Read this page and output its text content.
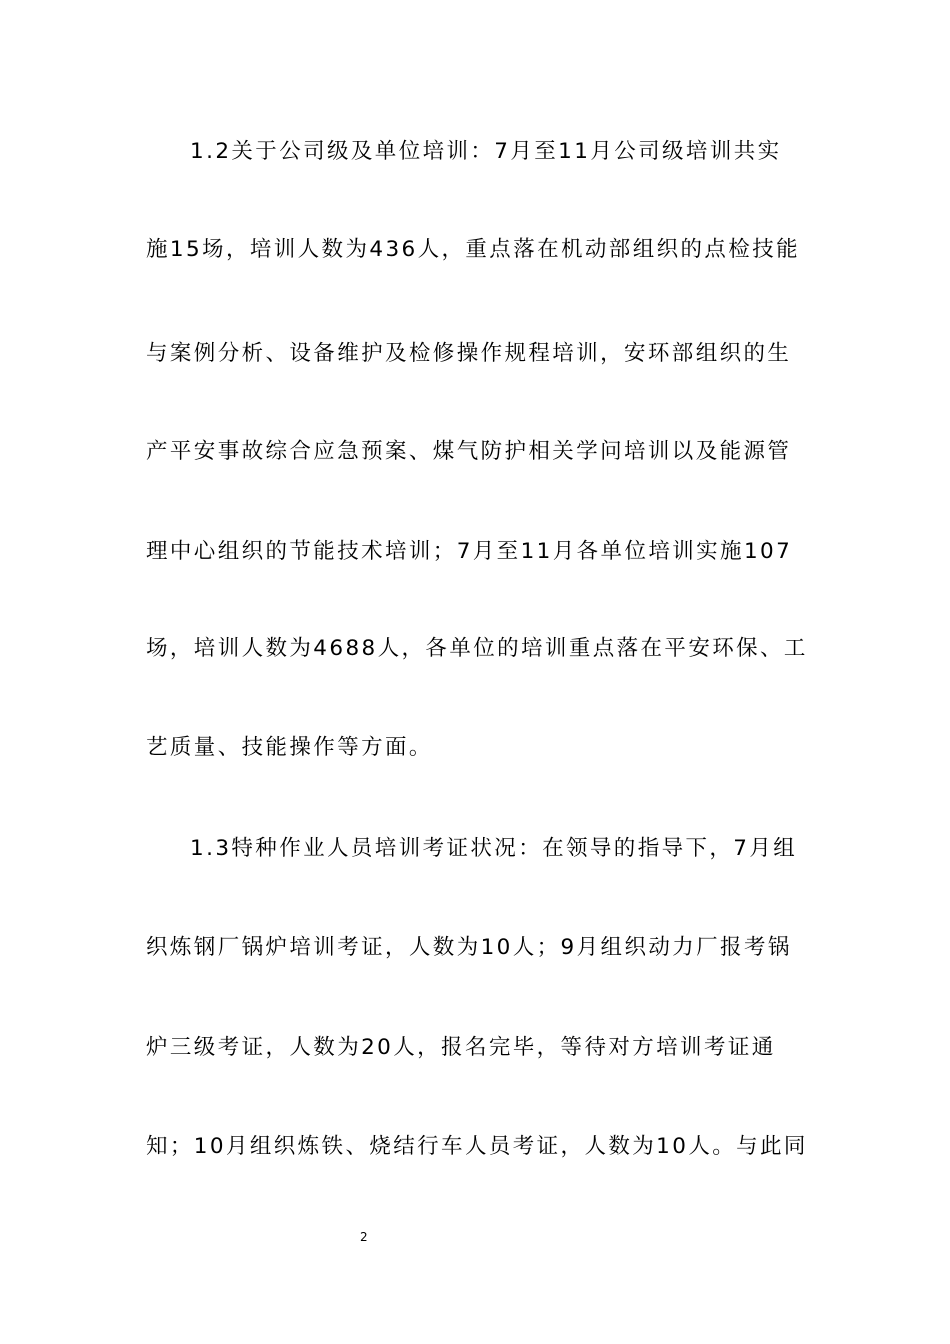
1.2关于公司级及单位培训：7月至11月公司级培训共实
施15场，培训人数为436人，重点落在机动部组织的点检技能
与案例分析、设备维护及检修操作规程培训，安环部组织的生
产平安事故综合应急预案、煤气防护相关学问培训以及能源管
理中心组织的节能技术培训；7月至11月各单位培训实施107
场，培训人数为4688人，各单位的培训重点落在平安环保、工
艺质量、技能操作等方面。
1.3特种作业人员培训考证状况：在领导的指导下，7月组
织炼钢厂锅炉培训考证，人数为10人；9月组织动力厂报考锅
炉三级考证，人数为20人，报名完毕，等待对方培训考证通
知；10月组织炼铁、烧结行车人员考证，人数为10人。与此同
2
